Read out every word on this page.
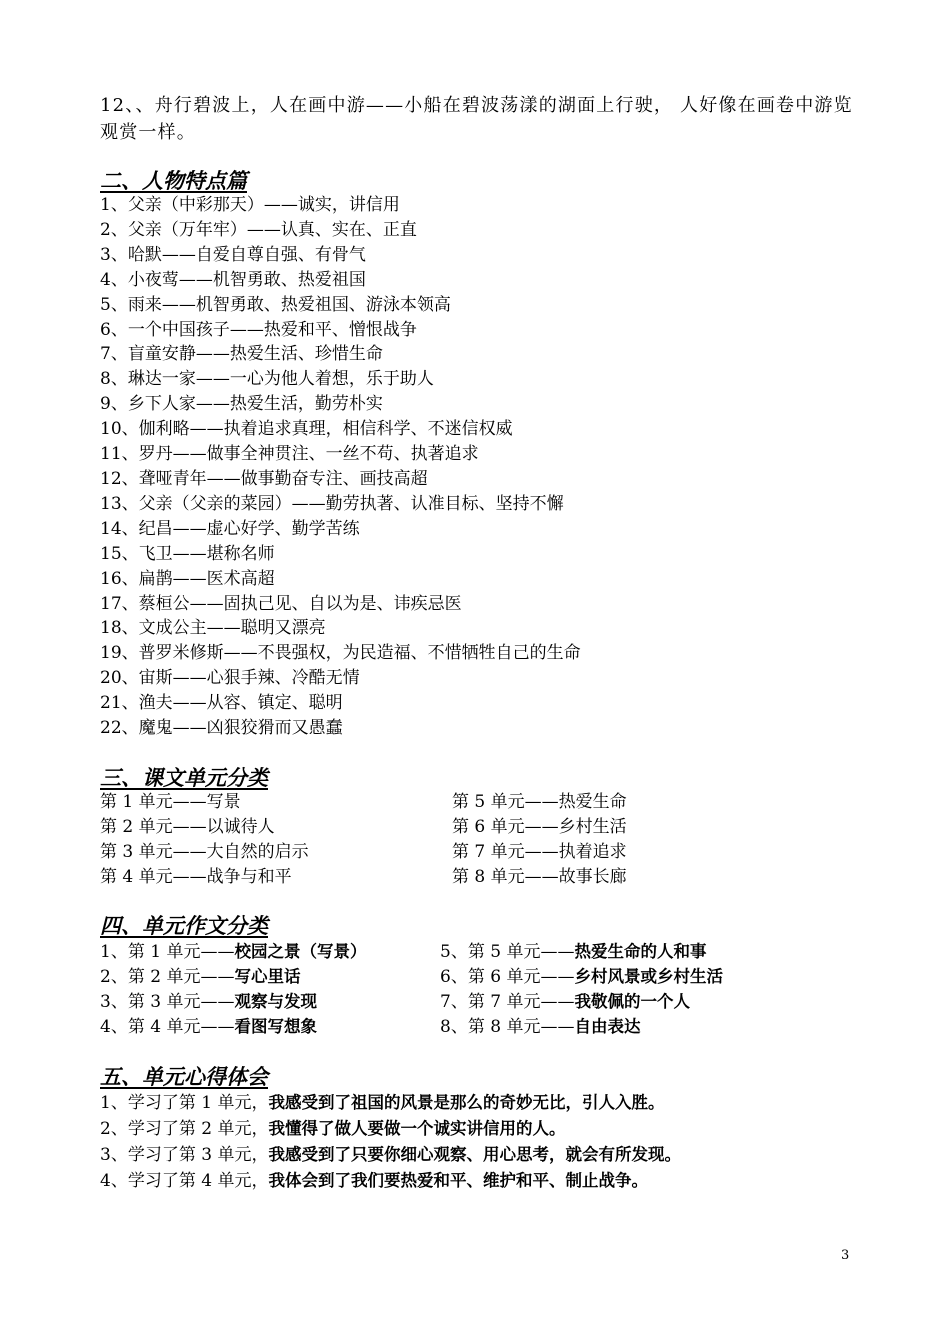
12、、舟行碧波上，人在画中游——小船在碧波荡漾的湖面上行驶， 人好像在画卷中游览观赏一样。
二、人物特点篇
1、父亲（中彩那天）——诚实，讲信用
2、父亲（万年牢）——认真、实在、正直
3、哈默——自爱自尊自强、有骨气
4、小夜莺——机智勇敢、热爱祖国
5、雨来——机智勇敢、热爱祖国、游泳本领高
6、一个中国孩子——热爱和平、憎恨战争
7、盲童安静——热爱生活、珍惜生命
8、琳达一家——一心为他人着想，乐于助人
9、乡下人家——热爱生活，勤劳朴实
10、伽利略——执着追求真理，相信科学、不迷信权威
11、罗丹——做事全神贯注、一丝不苟、执著追求
12、聋哑青年——做事勤奋专注、画技高超
13、父亲（父亲的菜园）——勤劳执著、认准目标、坚持不懈
14、纪昌——虚心好学、勤学苦练
15、飞卫——堪称名师
16、扁鹊——医术高超
17、蔡桓公——固执己见、自以为是、讳疾忌医
18、文成公主——聪明又漂亮
19、普罗米修斯——不畏强权，为民造福、不惜牺牲自己的生命
20、宙斯——心狠手辣、冷酷无情
21、渔夫——从容、镇定、聪明
22、魔鬼——凶狠狡猾而又愚蠢
三、课文单元分类
第 1 单元——写景	第 5 单元——热爱生命
第 2 单元——以诚待人	第 6 单元——乡村生活
第 3 单元——大自然的启示	第 7 单元——执着追求
第 4 单元——战争与和平	第 8 单元——故事长廊
四、单元作文分类
1、第 1 单元——校园之景（写景）	5、第 5 单元——热爱生命的人和事
2、第 2 单元——写心里话	6、第 6 单元——乡村风景或乡村生活
3、第 3 单元——观察与发现	7、第 7 单元——我敬佩的一个人
4、第 4 单元——看图写想象	8、第 8 单元——自由表达
五、单元心得体会
1、学习了第 1 单元，我感受到了祖国的风景是那么的奇妙无比，引人入胜。
2、学习了第 2 单元，我懂得了做人要做一个诚实讲信用的人。
3、学习了第 3 单元，我感受到了只要你细心观察、用心思考，就会有所发现。
4、学习了第 4 单元，我体会到了我们要热爱和平、维护和平、制止战争。
3
